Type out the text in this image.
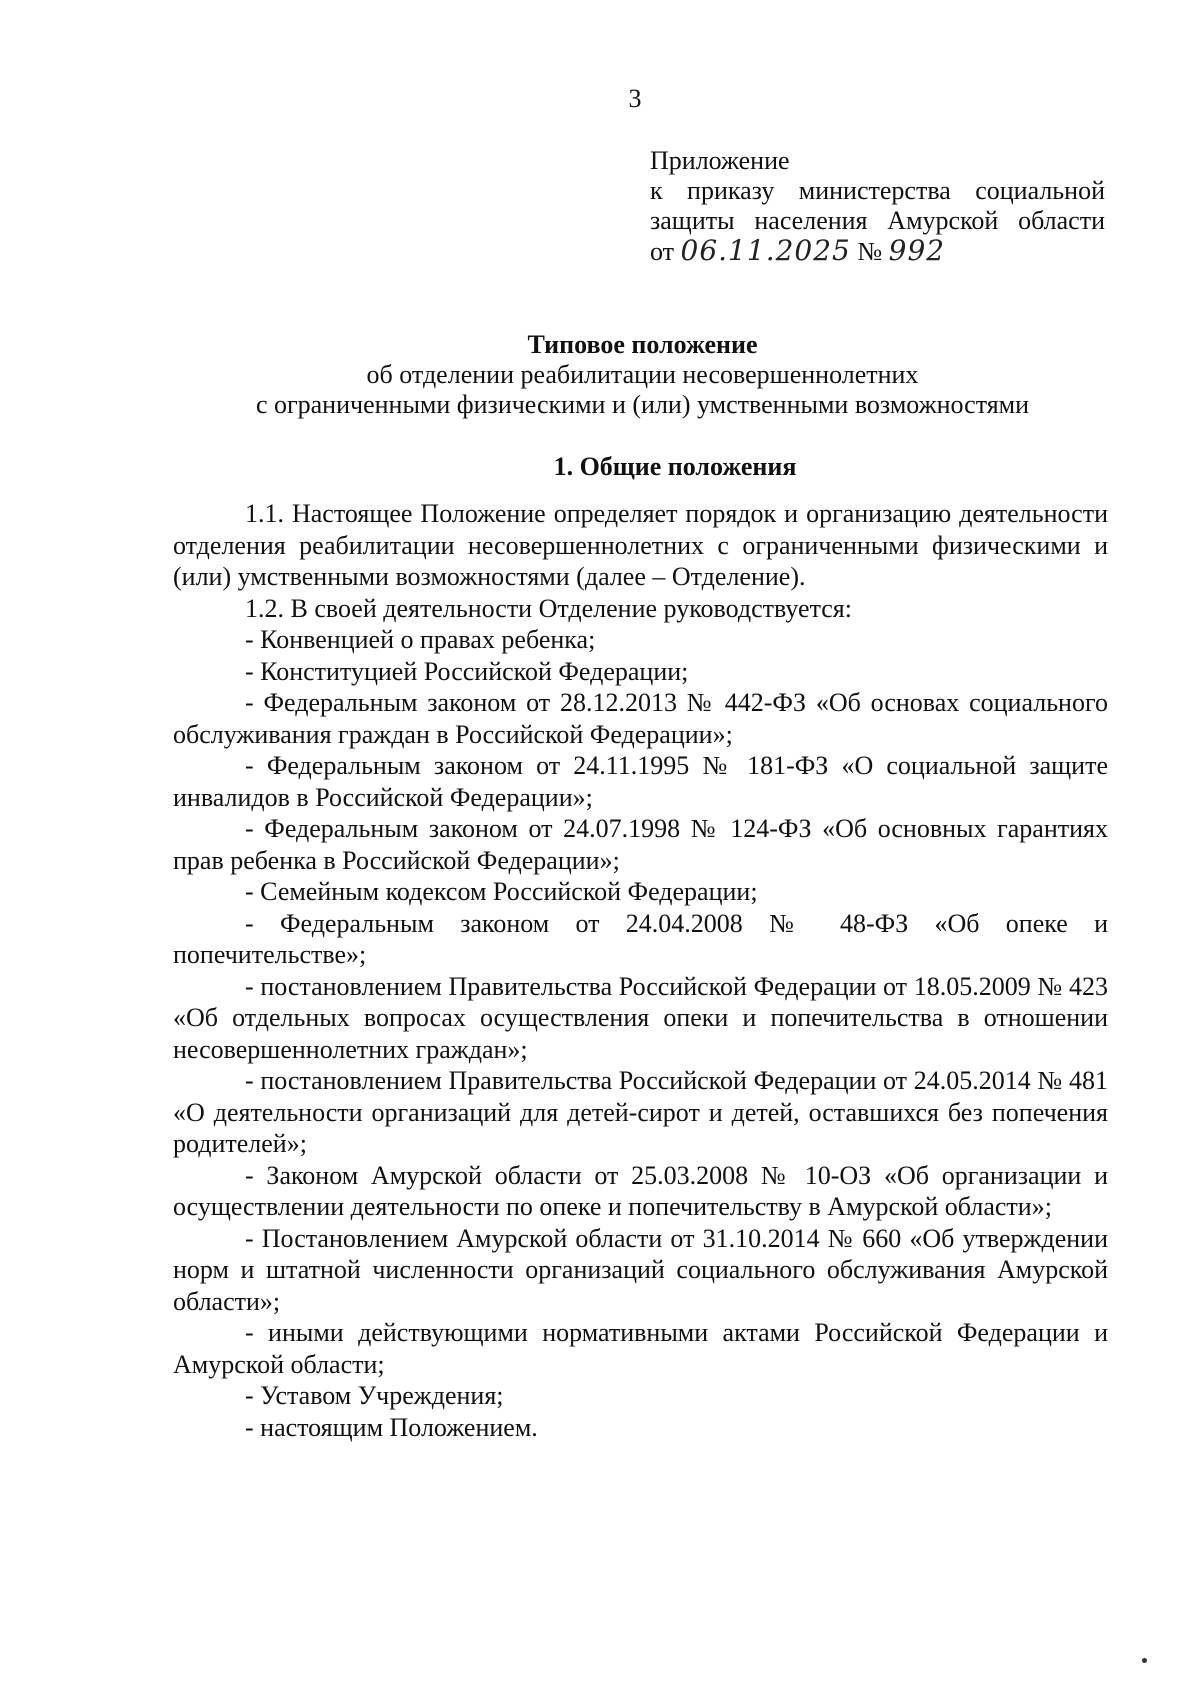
3
Приложение
к приказу министерства социальной
защиты населения Амурской области
от 06.11.2025 № 992
Типовое положение
об отделении реабилитации несовершеннолетних
с ограниченными физическими и (или) умственными возможностями
1. Общие положения

1.1. Настоящее Положение определяет порядок и организацию деятельности отделения реабилитации несовершеннолетних с ограниченными физическими и (или) умственными возможностями (далее – Отделение).

1.2. В своей деятельности Отделение руководствуется:

- Конвенцией о правах ребенка;

- Конституцией Российской Федерации;

- Федеральным законом от 28.12.2013 № 442-ФЗ «Об основах социального обслуживания граждан в Российской Федерации»;

- Федеральным законом от 24.11.1995 № 181-ФЗ «О социальной защите инвалидов в Российской Федерации»;

- Федеральным законом от 24.07.1998 № 124-ФЗ «Об основных гарантиях прав ребенка в Российской Федерации»;

- Семейным кодексом Российской Федерации;

- Федеральным законом от 24.04.2008 № 48-ФЗ «Об опеке и попечительстве»;

- постановлением Правительства Российской Федерации от 18.05.2009 № 423 «Об отдельных вопросах осуществления опеки и попечительства в отношении несовершеннолетних граждан»;

- постановлением Правительства Российской Федерации от 24.05.2014 № 481 «О деятельности организаций для детей-сирот и детей, оставшихся без попечения родителей»;

- Законом Амурской области от 25.03.2008 № 10-ОЗ «Об организации и осуществлении деятельности по опеке и попечительству в Амурской области»;

- Постановлением Амурской области от 31.10.2014 № 660 «Об утверждении норм и штатной численности организаций социального обслуживания Амурской области»;

- иными действующими нормативными актами Российской Федерации и Амурской области;

- Уставом Учреждения;

- настоящим Положением.
